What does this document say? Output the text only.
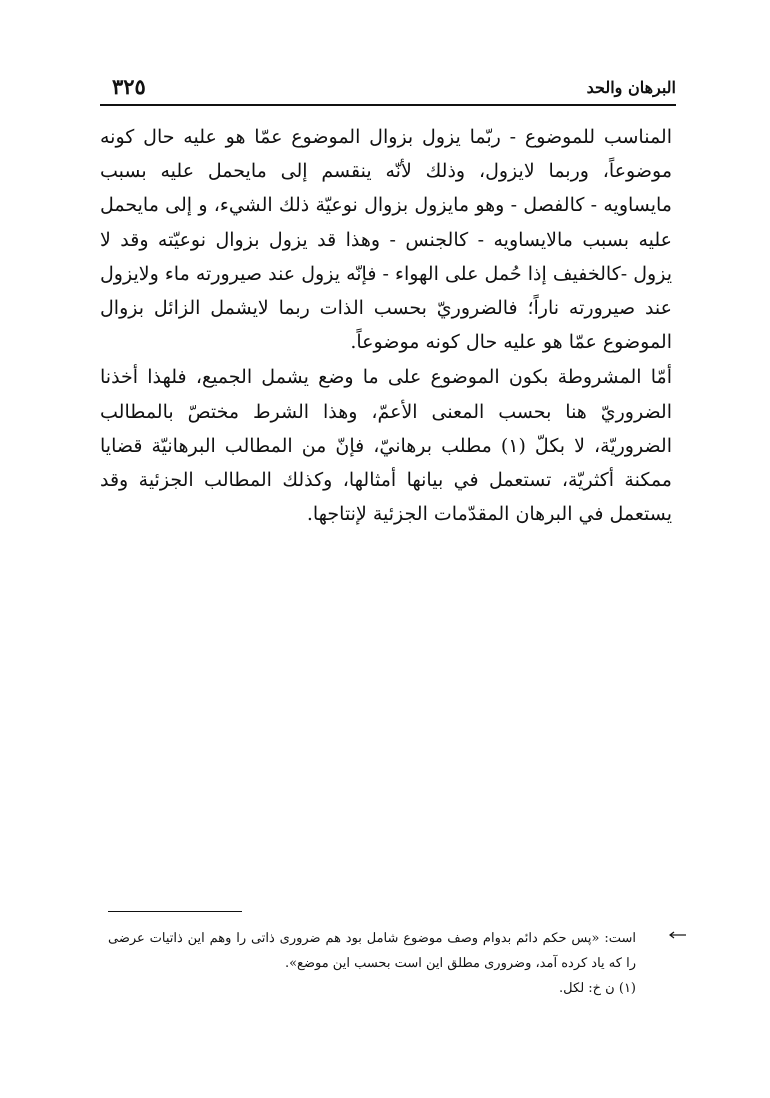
٣٢٥	البرهان والحد

المناسب للموضوع - ربّما يزول بزوال الموضوع عمّا هو عليه حال كونه موضوعاً، وربما لايزول، وذلك لأنّه ينقسم إلى مايحمل عليه بسبب مايساويه - كالفصل - وهو مايزول بزوال نوعيّة ذلك الشيء، و إلى مايحمل عليه بسبب مالايساويه - كالجنس - وهذا قد يزول بزوال نوعيّته وقد لا يزول -كالخفيف إذا حُمل على الهواء - فإنّه يزول عند صيرورته ماء ولايزول عند صيرورته ناراً؛ فالضروريّ بحسب الذات ربما لايشمل الزائل بزوال الموضوع عمّا هو عليه حال كونه موضوعاً.

أمّا المشروطة بكون الموضوع على ما وضع يشمل الجميع، فلهذا أخذنا الضروريّ هنا بحسب المعنى الأعمّ، وهذا الشرط مختصّ بالمطالب الضروريّة، لا بكلّ (١) مطلب برهانيّ، فإنّ من المطالب البرهانيّة قضايا ممكنة أكثريّة، تستعمل في بيانها أمثالها، وكذلك المطالب الجزئية وقد يستعمل في البرهان المقدّمات الجزئية لإنتاجها.

است: «پس حکم دائم بدوام وصف موضوع شامل بود هم ضروری ذاتی را وهم این ذاتیات عرضی را که یاد کرده آمد، وضروری مطلق این است بحسب این موضع».

(١) ن خ: لكل.
